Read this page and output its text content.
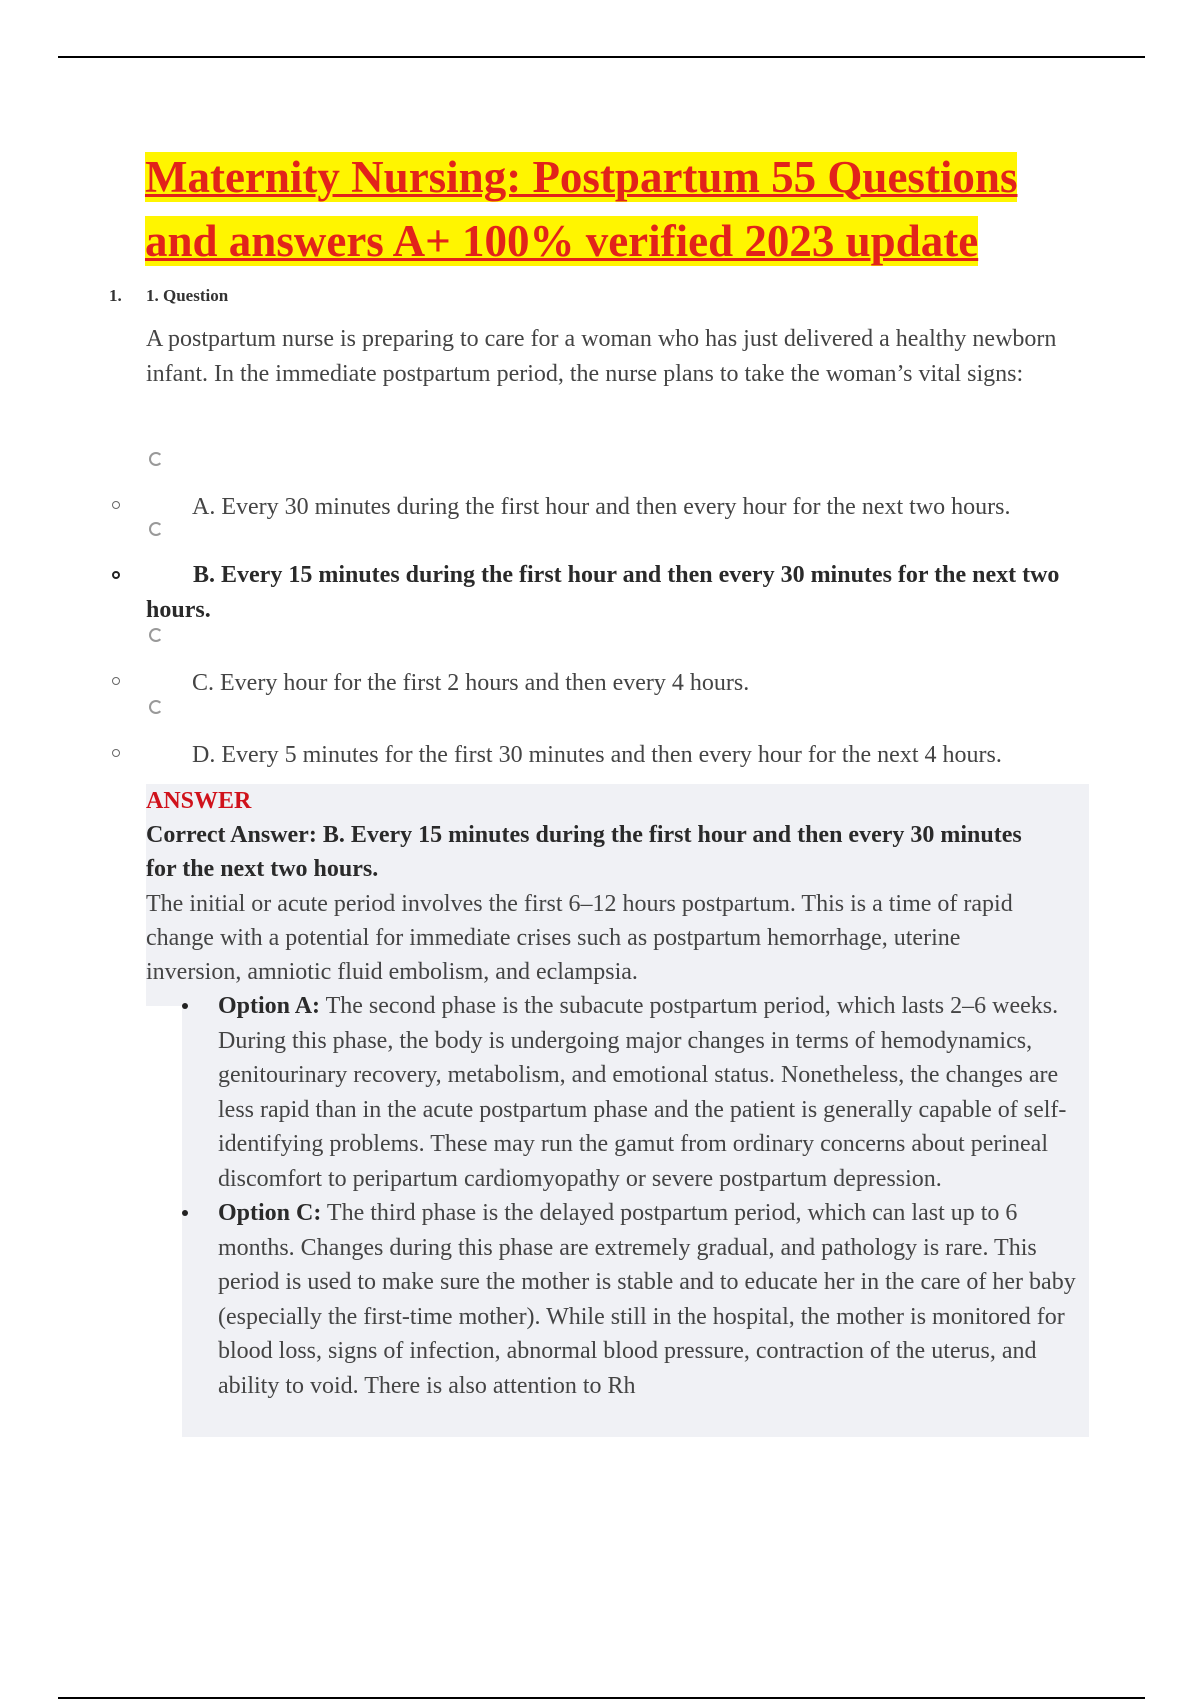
Maternity Nursing: Postpartum 55 Questions
and answers A+ 100% verified 2023 update
1. 1. Question
A postpartum nurse is preparing to care for a woman who has just delivered a healthy newborn infant. In the immediate postpartum period, the nurse plans to take the woman’s vital signs:
A. Every 30 minutes during the first hour and then every hour for the next two hours.
B. Every 15 minutes during the first hour and then every 30 minutes for the next two hours.
C. Every hour for the first 2 hours and then every 4 hours.
D. Every 5 minutes for the first 30 minutes and then every hour for the next 4 hours.
ANSWER
Correct Answer: B. Every 15 minutes during the first hour and then every 30 minutes for the next two hours.
The initial or acute period involves the first 6–12 hours postpartum. This is a time of rapid change with a potential for immediate crises such as postpartum hemorrhage, uterine inversion, amniotic fluid embolism, and eclampsia.
Option A: The second phase is the subacute postpartum period, which lasts 2–6 weeks. During this phase, the body is undergoing major changes in terms of hemodynamics, genitourinary recovery, metabolism, and emotional status. Nonetheless, the changes are less rapid than in the acute postpartum phase and the patient is generally capable of self-identifying problems. These may run the gamut from ordinary concerns about perineal discomfort to peripartum cardiomyopathy or severe postpartum depression.
Option C: The third phase is the delayed postpartum period, which can last up to 6 months. Changes during this phase are extremely gradual, and pathology is rare. This period is used to make sure the mother is stable and to educate her in the care of her baby (especially the first-time mother). While still in the hospital, the mother is monitored for blood loss, signs of infection, abnormal blood pressure, contraction of the uterus, and ability to void. There is also attention to Rh
